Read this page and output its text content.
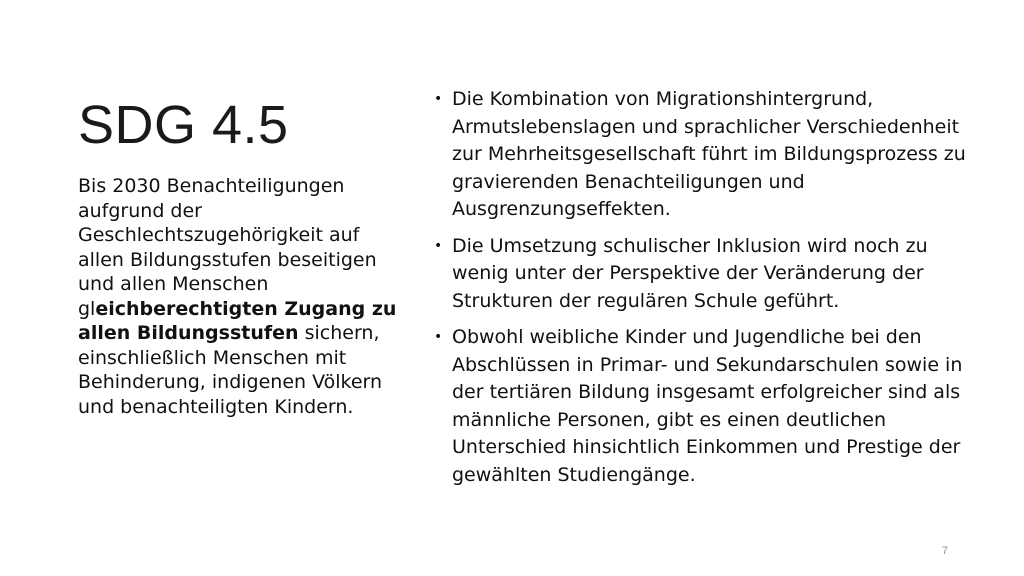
SDG 4.5

Bis 2030 Benachteiligungen aufgrund der Geschlechtszugehörigkeit auf allen Bildungsstufen beseitigen und allen Menschen gleichberechtigten Zugang zu allen Bildungsstufen sichern, einschließlich Menschen mit Behinderung, indigenen Völkern und benachteiligten Kindern.

• Die Kombination von Migrationshintergrund, Armutslebenslagen und sprachlicher Verschiedenheit zur Mehrheitsgesellschaft führt im Bildungsprozess zu gravierenden Benachteiligungen und Ausgrenzungseffekten.
• Die Umsetzung schulischer Inklusion wird noch zu wenig unter der Perspektive der Veränderung der Strukturen der regulären Schule geführt.
• Obwohl weibliche Kinder und Jugendliche bei den Abschlüssen in Primar- und Sekundarschulen sowie in der tertiären Bildung insgesamt erfolgreicher sind als männliche Personen, gibt es einen deutlichen Unterschied hinsichtlich Einkommen und Prestige der gewählten Studiengänge.
7
